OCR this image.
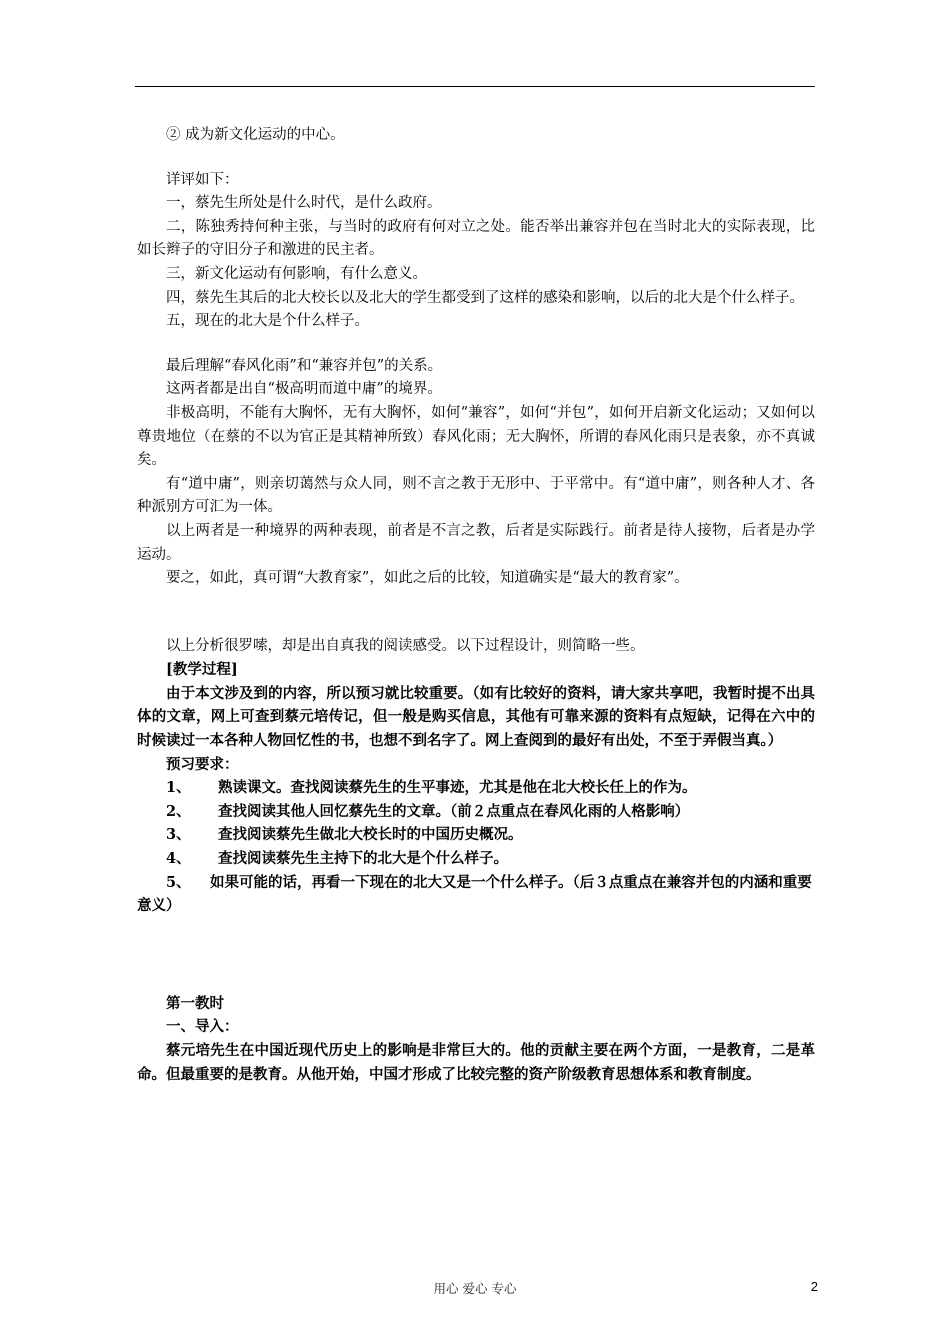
② 成为新文化运动的中心。

详评如下：

一，蔡先生所处是什么时代，是什么政府。

二，陈独秀持何种主张，与当时的政府有何对立之处。能否举出兼容并包在当时北大的实际表现，比如长辫子的守旧分子和激进的民主者。

三，新文化运动有何影响，有什么意义。

四，蔡先生其后的北大校长以及北大的学生都受到了这样的感染和影响，以后的北大是个什么样子。

五，现在的北大是个什么样子。

最后理解“春风化雨”和“兼容并包”的关系。

这两者都是出自“极高明而道中庸”的境界。

非极高明，不能有大胸怀，无有大胸怀，如何“兼容”，如何“并包”，如何开启新文化运动；又如何以尊贵地位（在蔡的不以为官正是其精神所致）春风化雨；无大胸怀，所谓的春风化雨只是表象，亦不真诚矣。

有“道中庸”，则亲切蔼然与众人同，则不言之教于无形中、于平常中。有“道中庸”，则各种人才、各种派别方可汇为一体。

以上两者是一种境界的两种表现，前者是不言之教，后者是实际践行。前者是待人接物，后者是办学运动。

要之，如此，真可谓“大教育家”，如此之后的比较，知道确实是“最大的教育家”。

以上分析很罗嗦，却是出自真我的阅读感受。以下过程设计，则简略一些。

[教学过程]

由于本文涉及到的内容，所以预习就比较重要。（如有比较好的资料，请大家共享吧，我暂时提不出具体的文章，网上可查到蔡元培传记，但一般是购买信息，其他有可靠来源的资料有点短缺，记得在六中的时候读过一本各种人物回忆性的书，也想不到名字了。网上查阅到的最好有出处，不至于弄假当真。）

预习要求：

1、 熟读课文。查找阅读蔡先生的生平事迹，尤其是他在北大校长任上的作为。

2、 查找阅读其他人回忆蔡先生的文章。（前２点重点在春风化雨的人格影响）

3、 查找阅读蔡先生做北大校长时的中国历史概况。

4、 查找阅读蔡先生主持下的北大是个什么样子。

5、 如果可能的话，再看一下现在的北大又是一个什么样子。（后３点重点在兼容并包的内涵和重要意义）

第一教时

一、导入：

蔡元培先生在中国近现代历史上的影响是非常巨大的。他的贡献主要在两个方面，一是教育，二是革命。但最重要的是教育。从他开始，中国才形成了比较完整的资产阶级教育思想体系和教育制度。

用心 爱心 专心	2
